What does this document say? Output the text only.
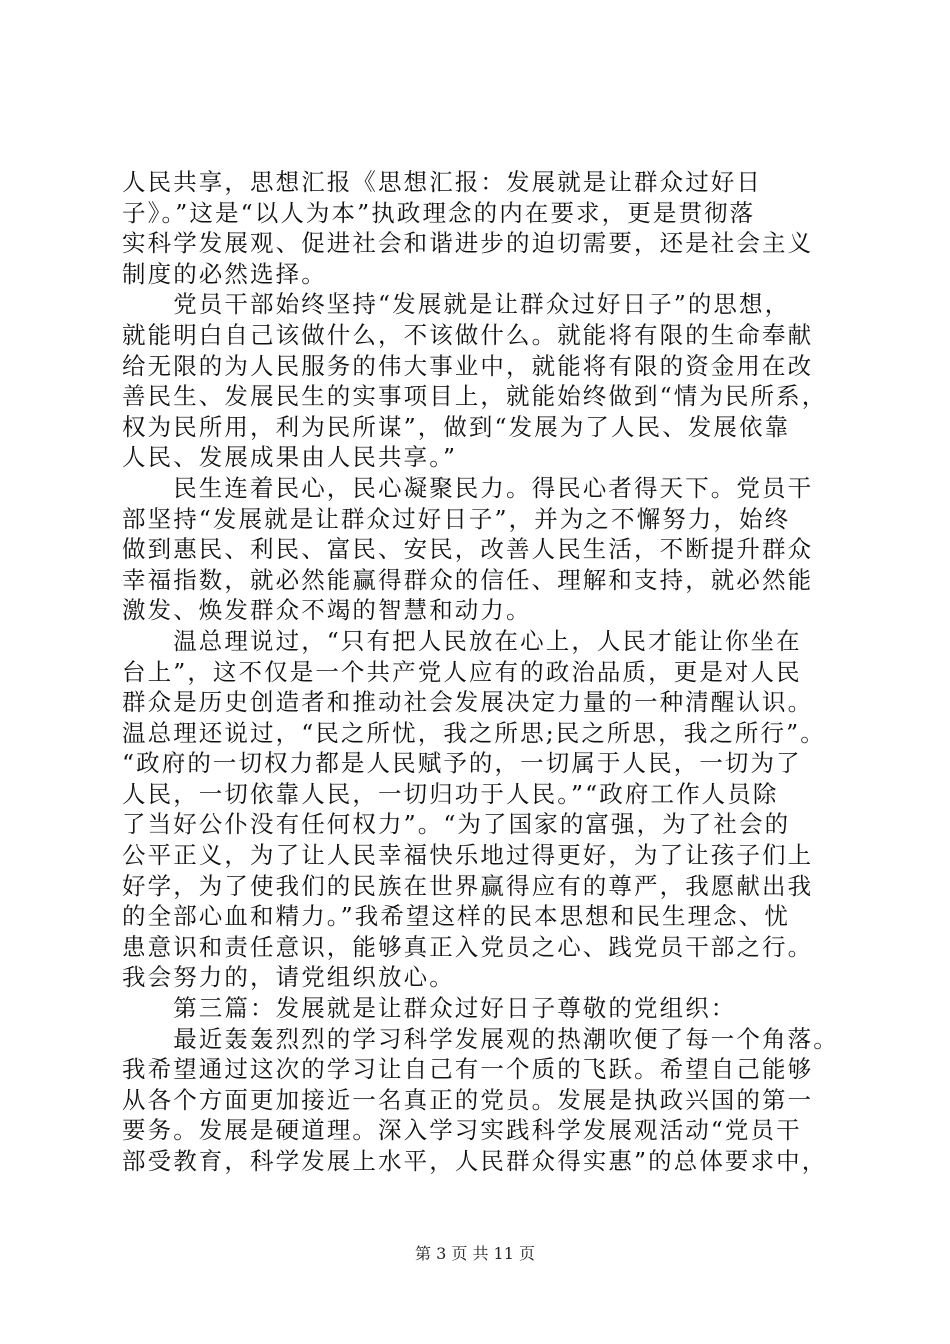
人民共享，思想汇报《思想汇报：发展就是让群众过好日
子》。”这是“以人为本”执政理念的内在要求，更是贯彻落
实科学发展观、促进社会和谐进步的迫切需要，还是社会主义
制度的必然选择。
　　党员干部始终坚持“发展就是让群众过好日子”的思想，
就能明白自己该做什么，不该做什么。就能将有限的生命奉献
给无限的为人民服务的伟大事业中，就能将有限的资金用在改
善民生、发展民生的实事项目上，就能始终做到“情为民所系，
权为民所用，利为民所谋”，做到“发展为了人民、发展依靠
人民、发展成果由人民共享。”
　　民生连着民心，民心凝聚民力。得民心者得天下。党员干
部坚持“发展就是让群众过好日子”，并为之不懈努力，始终
做到惠民、利民、富民、安民，改善人民生活，不断提升群众
幸福指数，就必然能赢得群众的信任、理解和支持，就必然能
激发、焕发群众不竭的智慧和动力。
　　温总理说过，“只有把人民放在心上，人民才能让你坐在
台上”，这不仅是一个共产党人应有的政治品质，更是对人民
群众是历史创造者和推动社会发展决定力量的一种清醒认识。
温总理还说过，“民之所忧，我之所思;民之所思，我之所行”。
“政府的一切权力都是人民赋予的，一切属于人民，一切为了
人民，一切依靠人民，一切归功于人民。”“政府工作人员除
了当好公仆没有任何权力”。“为了国家的富强，为了社会的
公平正义，为了让人民幸福快乐地过得更好，为了让孩子们上
好学，为了使我们的民族在世界赢得应有的尊严，我愿献出我
的全部心血和精力。”我希望这样的民本思想和民生理念、忧
患意识和责任意识，能够真正入党员之心、践党员干部之行。
我会努力的，请党组织放心。
　　第三篇：发展就是让群众过好日子尊敬的党组织：
　　最近轰轰烈烈的学习科学发展观的热潮吹便了每一个角落。
我希望通过这次的学习让自己有一个质的飞跃。希望自己能够
从各个方面更加接近一名真正的党员。发展是执政兴国的第一
要务。发展是硬道理。深入学习实践科学发展观活动“党员干
部受教育，科学发展上水平，人民群众得实惠”的总体要求中，
第 3 页 共 11 页
